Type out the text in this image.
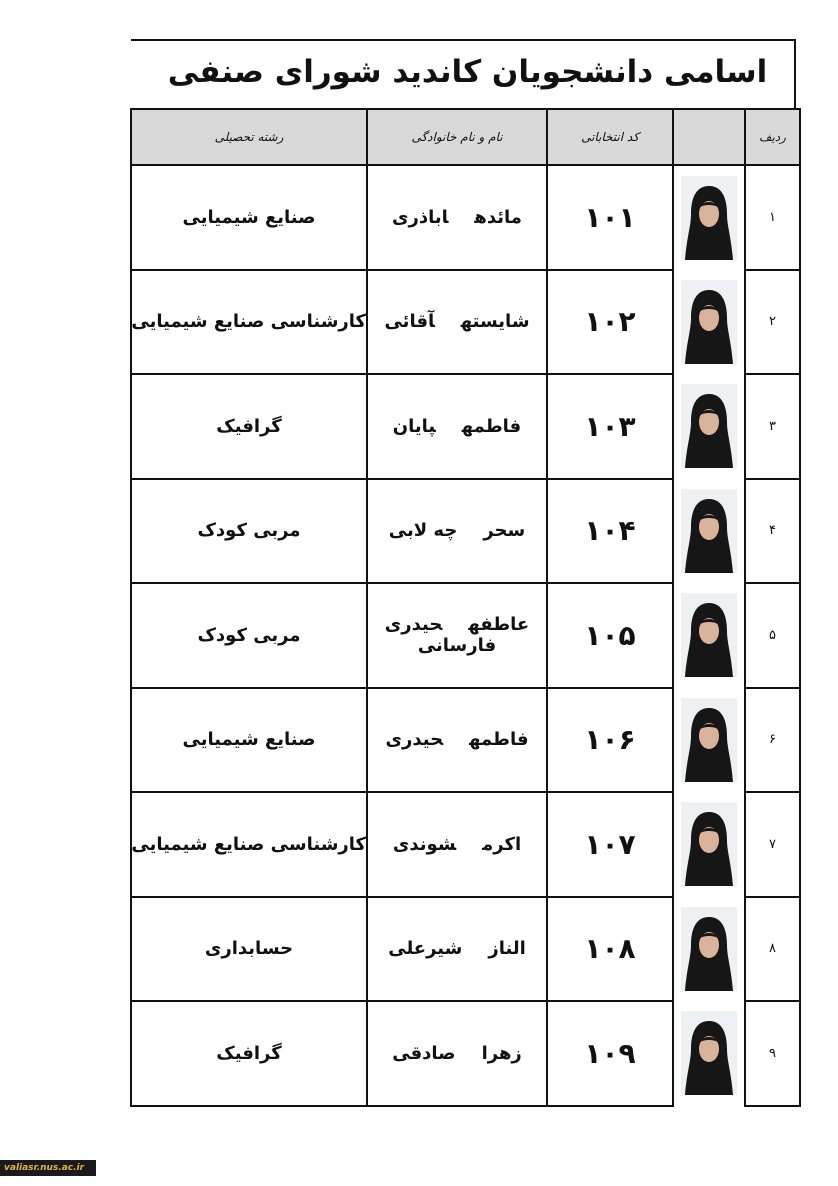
اسامی دانشجویان کاندید شورای صنفی
ردیف		کد انتخاباتی	نام و نام خانوادگی	رشته تحصیلی
۱		۱۰۱	مائدهاباذری	صنایع شیمیایی
۲		۱۰۲	شایستهآقائی	کارشناسی صنایع شیمیایی
۳		۱۰۳	فاطمهپایان	گرافیک
۴		۱۰۴	سحرچه لابی	مربی کودک
۵		۱۰۵	عاطفهحیدری فارسانی	مربی کودک
۶		۱۰۶	فاطمهحیدری	صنایع شیمیایی
۷		۱۰۷	اکرمشوندی	کارشناسی صنایع شیمیایی
۸		۱۰۸	النازشیرعلی	حسابداری
۹		۱۰۹	زهراصادقی	گرافیک
valiasr.nus.ac.ir
